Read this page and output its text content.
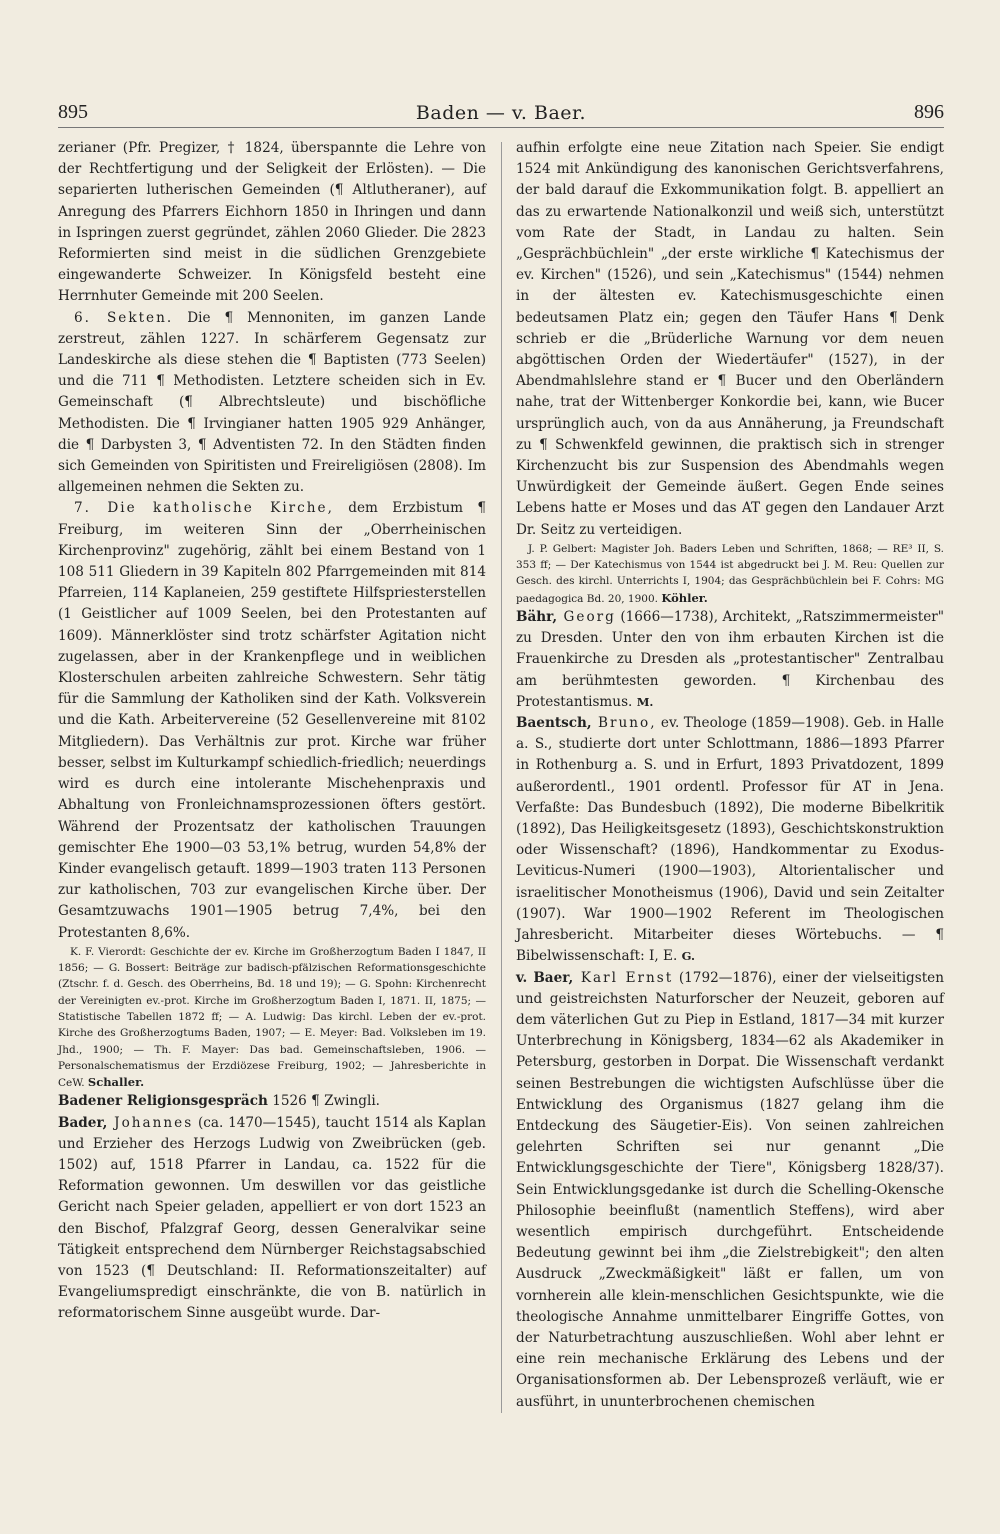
895	Baden — v. Baer.	896

zerianer (Pfr. Pregizer, † 1824, überspannte die Lehre von der Rechtfertigung und der Seligkeit der Erlösten). — Die separierten lutherischen Gemeinden (¶ Altlutheraner), auf Anregung des Pfarrers Eichhorn 1850 in Ihringen und dann in Ispringen zuerst gegründet, zählen 2060 Glieder. Die 2823 Reformierten sind meist in die südlichen Grenzgebiete eingewanderte Schweizer. In Königsfeld besteht eine Herrnhuter Gemeinde mit 200 Seelen.

6. Sekten. Die ¶ Mennoniten, im ganzen Lande zerstreut, zählen 1227. In schärferem Gegensatz zur Landeskirche als diese stehen die ¶ Baptisten (773 Seelen) und die 711 ¶ Methodisten. Letztere scheiden sich in Ev. Gemeinschaft (¶ Albrechtsleute) und bischöfliche Methodisten. Die ¶ Irvingianer hatten 1905 929 Anhänger, die ¶ Darbysten 3, ¶ Adventisten 72. In den Städten finden sich Gemeinden von Spiritisten und Freireligiösen (2808). Im allgemeinen nehmen die Sekten zu.

7. Die katholische Kirche, dem Erzbistum ¶ Freiburg, im weiteren Sinn der „Oberrheinischen Kirchenprovinz" zugehörig, zählt bei einem Bestand von 1 108 511 Gliedern in 39 Kapiteln 802 Pfarrgemeinden mit 814 Pfarreien, 114 Kaplaneien, 259 gestiftete Hilfspriesterstellen (1 Geistlicher auf 1009 Seelen, bei den Protestanten auf 1609). Männerklöster sind trotz schärfster Agitation nicht zugelassen, aber in der Krankenpflege und in weiblichen Klosterschulen arbeiten zahlreiche Schwestern. Sehr tätig für die Sammlung der Katholiken sind der Kath. Volksverein und die Kath. Arbeitervereine (52 Gesellenvereine mit 8102 Mitgliedern). Das Verhältnis zur prot. Kirche war früher besser, selbst im Kulturkampf schiedlich-friedlich; neuerdings wird es durch eine intolerante Mischehenpraxis und Abhaltung von Fronleichnamsprozessionen öfters gestört. Während der Prozentsatz der katholischen Trauungen gemischter Ehe 1900—03 53,1% betrug, wurden 54,8% der Kinder evangelisch getauft. 1899—1903 traten 113 Personen zur katholischen, 703 zur evangelischen Kirche über. Der Gesamtzuwachs 1901—1905 betrug 7,4%, bei den Protestanten 8,6%.

K. F. Vierordt: Geschichte der ev. Kirche im Großherzogtum Baden I 1847, II 1856; — G. Bossert: Beiträge zur badisch-pfälzischen Reformationsgeschichte (Ztschr. f. d. Gesch. des Oberrheins, Bd. 18 und 19); — G. Spohn: Kirchenrecht der Vereinigten ev.-prot. Kirche im Großherzogtum Baden I, 1871. II, 1875; — Statistische Tabellen 1872 ff; — A. Ludwig: Das kirchl. Leben der ev.-prot. Kirche des Großherzogtums Baden, 1907; — E. Meyer: Bad. Volksleben im 19. Jhd., 1900; — Th. F. Mayer: Das bad. Gemeinschaftsleben, 1906. — Personalschematismus der Erzdiözese Freiburg, 1902; — Jahresberichte in CeW. Schaller.

Badener Religionsgespräch 1526 ¶ Zwingli.

Bader, Johannes (ca. 1470—1545), taucht 1514 als Kaplan und Erzieher des Herzogs Ludwig von Zweibrücken (geb. 1502) auf, 1518 Pfarrer in Landau, ca. 1522 für die Reformation gewonnen. Um deswillen vor das geistliche Gericht nach Speier geladen, appelliert er von dort 1523 an den Bischof, Pfalzgraf Georg, dessen Generalvikar seine Tätigkeit entsprechend dem Nürnberger Reichstagsabschied von 1523 (¶ Deutschland: II. Reformationszeitalter) auf Evangeliumspredigt einschränkte, die von B. natürlich in reformatorischem Sinne ausgeübt wurde. Dar-

aufhin erfolgte eine neue Zitation nach Speier. Sie endigt 1524 mit Ankündigung des kanonischen Gerichtsverfahrens, der bald darauf die Exkommunikation folgt. B. appelliert an das zu erwartende Nationalkonzil und weiß sich, unterstützt vom Rate der Stadt, in Landau zu halten. Sein „Gesprächbüchlein" „der erste wirkliche ¶ Katechismus der ev. Kirchen" (1526), und sein „Katechismus" (1544) nehmen in der ältesten ev. Katechismusgeschichte einen bedeutsamen Platz ein; gegen den Täufer Hans ¶ Denk schrieb er die „Brüderliche Warnung vor dem neuen abgöttischen Orden der Wiedertäufer" (1527), in der Abendmahlslehre stand er ¶ Bucer und den Oberländern nahe, trat der Wittenberger Konkordie bei, kann, wie Bucer ursprünglich auch, von da aus Annäherung, ja Freundschaft zu ¶ Schwenkfeld gewinnen, die praktisch sich in strenger Kirchenzucht bis zur Suspension des Abendmahls wegen Unwürdigkeit der Gemeinde äußert. Gegen Ende seines Lebens hatte er Moses und das AT gegen den Landauer Arzt Dr. Seitz zu verteidigen.

J. P. Gelbert: Magister Joh. Baders Leben und Schriften, 1868; — RE³ II, S. 353 ff; — Der Katechismus von 1544 ist abgedruckt bei J. M. Reu: Quellen zur Gesch. des kirchl. Unterrichts I, 1904; das Gesprächbüchlein bei F. Cohrs: MG paedagogica Bd. 20, 1900. Köhler.

Bähr, Georg (1666—1738), Architekt, „Ratszimmermeister" zu Dresden. Unter den von ihm erbauten Kirchen ist die Frauenkirche zu Dresden als „protestantischer" Zentralbau am berühmtesten geworden. ¶ Kirchenbau des Protestantismus. M.

Baentsch, Bruno, ev. Theologe (1859—1908). Geb. in Halle a. S., studierte dort unter Schlottmann, 1886—1893 Pfarrer in Rothenburg a. S. und in Erfurt, 1893 Privatdozent, 1899 außerordentl., 1901 ordentl. Professor für AT in Jena. Verfaßte: Das Bundesbuch (1892), Die moderne Bibelkritik (1892), Das Heiligkeitsgesetz (1893), Geschichtskonstruktion oder Wissenschaft? (1896), Handkommentar zu Exodus-Leviticus-Numeri (1900—1903), Altorientalischer und israelitischer Monotheismus (1906), David und sein Zeitalter (1907). War 1900—1902 Referent im Theologischen Jahresbericht. Mitarbeiter dieses Wörtebuchs. — ¶ Bibelwissenschaft: I, E. G.

v. Baer, Karl Ernst (1792—1876), einer der vielseitigsten und geistreichsten Naturforscher der Neuzeit, geboren auf dem väterlichen Gut zu Piep in Estland, 1817—34 mit kurzer Unterbrechung in Königsberg, 1834—62 als Akademiker in Petersburg, gestorben in Dorpat. Die Wissenschaft verdankt seinen Bestrebungen die wichtigsten Aufschlüsse über die Entwicklung des Organismus (1827 gelang ihm die Entdeckung des Säugetier-Eis). Von seinen zahlreichen gelehrten Schriften sei nur genannt „Die Entwicklungsgeschichte der Tiere", Königsberg 1828/37). Sein Entwicklungsgedanke ist durch die Schelling-Okensche Philosophie beeinflußt (namentlich Steffens), wird aber wesentlich empirisch durchgeführt. Entscheidende Bedeutung gewinnt bei ihm „die Zielstrebigkeit"; den alten Ausdruck „Zweckmäßigkeit" läßt er fallen, um von vornherein alle klein-menschlichen Gesichtspunkte, wie die theologische Annahme unmittelbarer Eingriffe Gottes, von der Naturbetrachtung auszuschließen. Wohl aber lehnt er eine rein mechanische Erklärung des Lebens und der Organisationsformen ab. Der Lebensprozeß verläuft, wie er ausführt, in ununterbrochenen chemischen
